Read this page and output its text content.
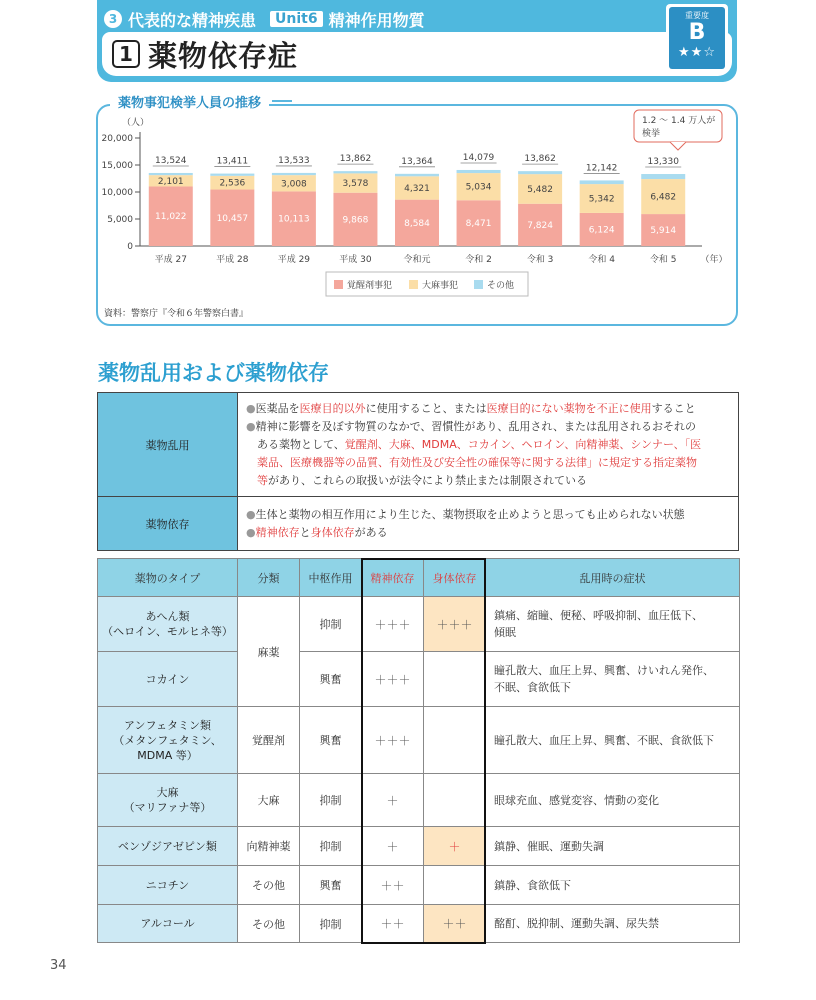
3 代表的な精神疾患	Unit6 精神作用物質
1 薬物依存症
重要度
B
★★☆
薬物事犯検挙人員の推移
0
5,000
10,000
15,000
20,000
（人）
（年）
11,022
2,101
13,524
平成 27
10,457
2,536
13,411
平成 28
10,113
3,008
13,533
平成 29
9,868
3,578
13,862
平成 30
8,584
4,321
13,364
令和元
8,471
5,034
14,079
令和 2
7,824
5,482
13,862
令和 3
6,124
5,342
12,142
令和 4
5,914
6,482
13,330
令和 5
1.2 ～ 1.4 万人が
検挙
覚醒剤事犯	大麻事犯	その他
資料：警察庁『令和６年警察白書』
薬物乱用および薬物依存
薬物乱用	●医薬品を医療目的以外に使用すること、または医療目的にない薬物を不正に使用すること
●精神に影響を及ぼす物質のなかで、習慣性があり、乱用され、または乱用されるおそれの
ある薬物として、覚醒剤、大麻、MDMA、コカイン、ヘロイン、向精神薬、シンナー、「医
薬品、医療機器等の品質、有効性及び安全性の確保等に関する法律」に規定する指定薬物
等があり、これらの取扱いが法令により禁止または制限されている

薬物依存	●生体と薬物の相互作用により生じた、薬物摂取を止めようと思っても止められない状態
●精神依存と身体依存がある
薬物のタイプ	分類	中枢作用	精神依存	身体依存	乱用時の症状
あへん類
（ヘロイン、モルヒネ等）	麻薬	抑制	＋＋＋	＋＋＋	鎮痛、縮瞳、便秘、呼吸抑制、血圧低下、
傾眠
コカイン		興奮	＋＋＋		瞳孔散大、血圧上昇、興奮、けいれん発作、
不眠、食欲低下
アンフェタミン類
（メタンフェタミン、
MDMA 等）	覚醒剤	興奮	＋＋＋		瞳孔散大、血圧上昇、興奮、不眠、食欲低下
大麻
（マリファナ等）	大麻	抑制	＋		眼球充血、感覚変容、情動の変化
ベンゾジアゼピン類	向精神薬	抑制	＋	＋	鎮静、催眠、運動失調
ニコチン	その他	興奮	＋＋		鎮静、食欲低下
アルコール	その他	抑制	＋＋	＋＋	酩酊、脱抑制、運動失調、尿失禁
34
